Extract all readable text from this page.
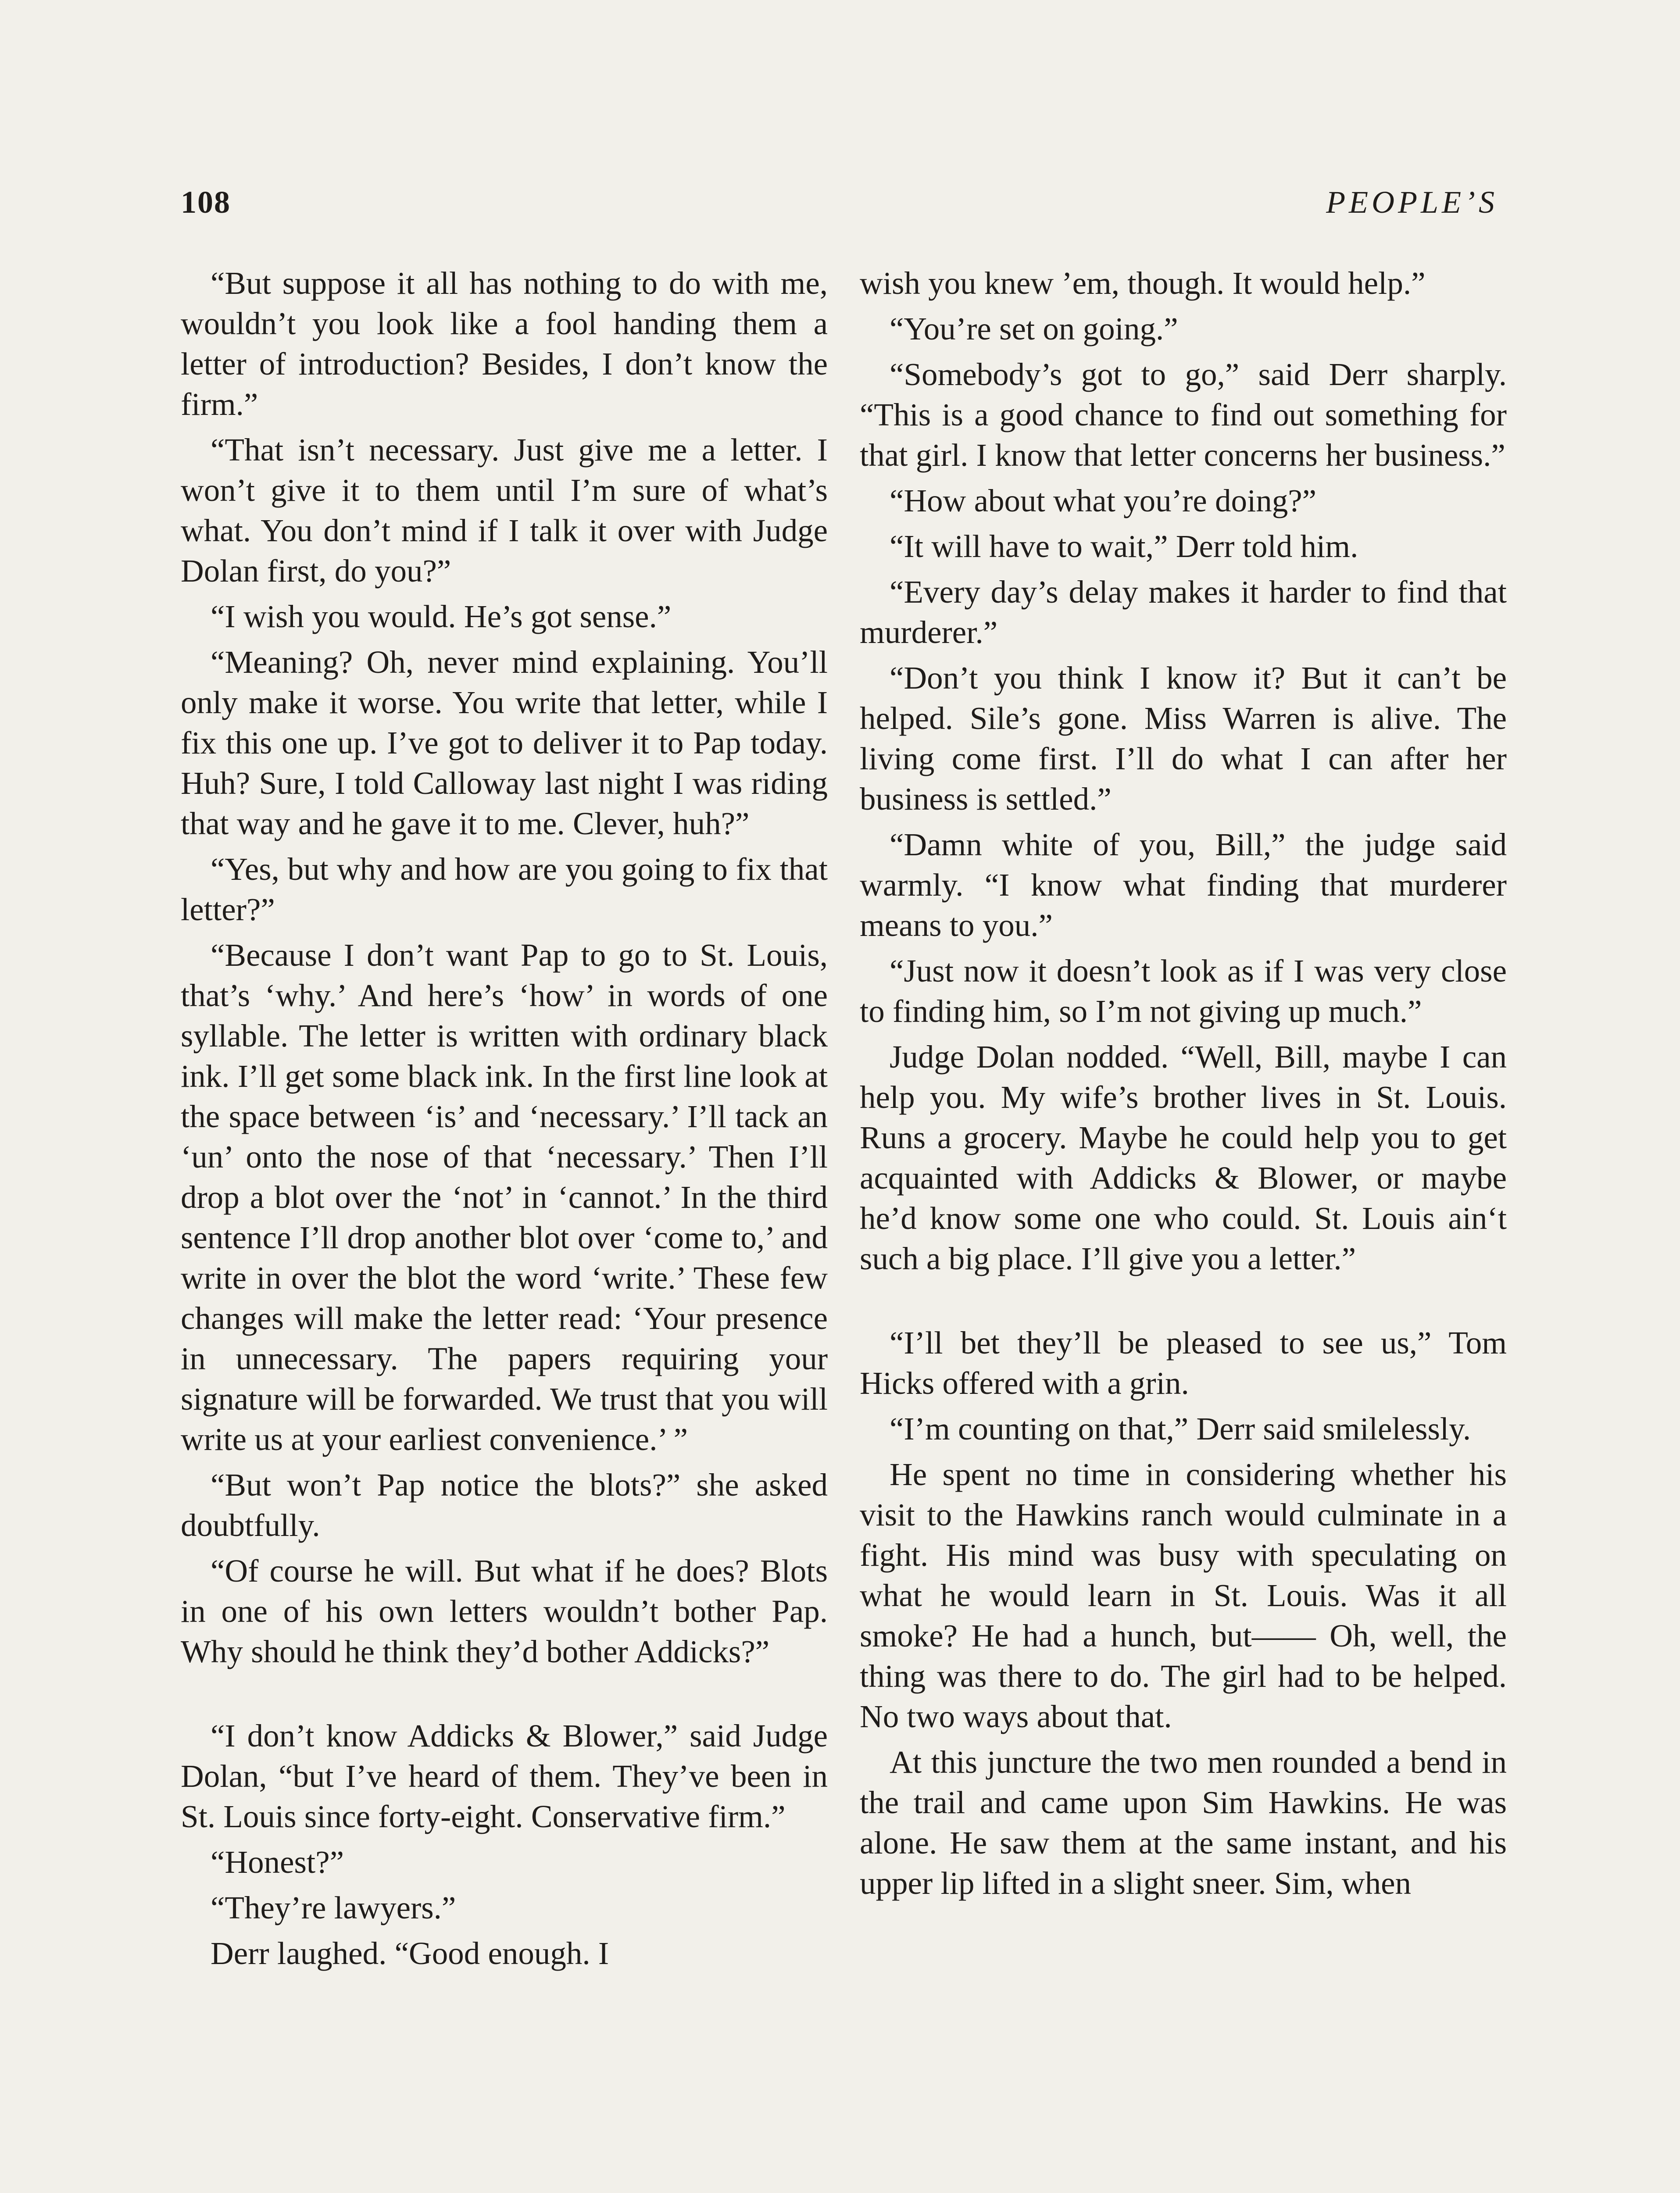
108	PEOPLE’S

“But suppose it all has nothing to do with me, wouldn’t you look like a fool handing them a letter of introduction? Besides, I don’t know the firm.”

“That isn’t necessary. Just give me a letter. I won’t give it to them until I’m sure of what’s what. You don’t mind if I talk it over with Judge Dolan first, do you?”

“I wish you would. He’s got sense.”

“Meaning? Oh, never mind explaining. You’ll only make it worse. You write that letter, while I fix this one up. I’ve got to deliver it to Pap today. Huh? Sure, I told Calloway last night I was riding that way and he gave it to me. Clever, huh?”

“Yes, but why and how are you going to fix that letter?”

“Because I don’t want Pap to go to St. Louis, that’s ‘why.’ And here’s ‘how’ in words of one syllable. The letter is written with ordinary black ink. I’ll get some black ink. In the first line look at the space between ‘is’ and ‘necessary.’ I’ll tack an ‘un’ onto the nose of that ‘necessary.’ Then I’ll drop a blot over the ‘not’ in ‘cannot.’ In the third sentence I’ll drop another blot over ‘come to,’ and write in over the blot the word ‘write.’ These few changes will make the letter read: ‘Your presence in unnecessary. The papers requiring your signature will be forwarded. We trust that you will write us at your earliest convenience.’ ”

“But won’t Pap notice the blots?” she asked doubtfully.

“Of course he will. But what if he does? Blots in one of his own letters wouldn’t bother Pap. Why should he think they’d bother Addicks?”

“I don’t know Addicks & Blower,” said Judge Dolan, “but I’ve heard of them. They’ve been in St. Louis since forty-eight. Conservative firm.”

“Honest?”

“They’re lawyers.”

Derr laughed. “Good enough. I

wish you knew ’em, though. It would help.”

“You’re set on going.”

“Somebody’s got to go,” said Derr sharply. “This is a good chance to find out something for that girl. I know that letter concerns her business.”

“How about what you’re doing?”

“It will have to wait,” Derr told him.

“Every day’s delay makes it harder to find that murderer.”

“Don’t you think I know it? But it can’t be helped. Sile’s gone. Miss Warren is alive. The living come first. I’ll do what I can after her business is settled.”

“Damn white of you, Bill,” the judge said warmly. “I know what finding that murderer means to you.”

“Just now it doesn’t look as if I was very close to finding him, so I’m not giving up much.”

Judge Dolan nodded. “Well, Bill, maybe I can help you. My wife’s brother lives in St. Louis. Runs a grocery. Maybe he could help you to get acquainted with Addicks & Blower, or maybe he’d know some one who could. St. Louis ain‘t such a big place. I’ll give you a letter.”

“I’ll bet they’ll be pleased to see us,” Tom Hicks offered with a grin.

“I’m counting on that,” Derr said smilelessly.

He spent no time in considering whether his visit to the Hawkins ranch would culminate in a fight. His mind was busy with speculating on what he would learn in St. Louis. Was it all smoke? He had a hunch, but—— Oh, well, the thing was there to do. The girl had to be helped. No two ways about that.

At this juncture the two men rounded a bend in the trail and came upon Sim Hawkins. He was alone. He saw them at the same instant, and his upper lip lifted in a slight sneer. Sim, when
